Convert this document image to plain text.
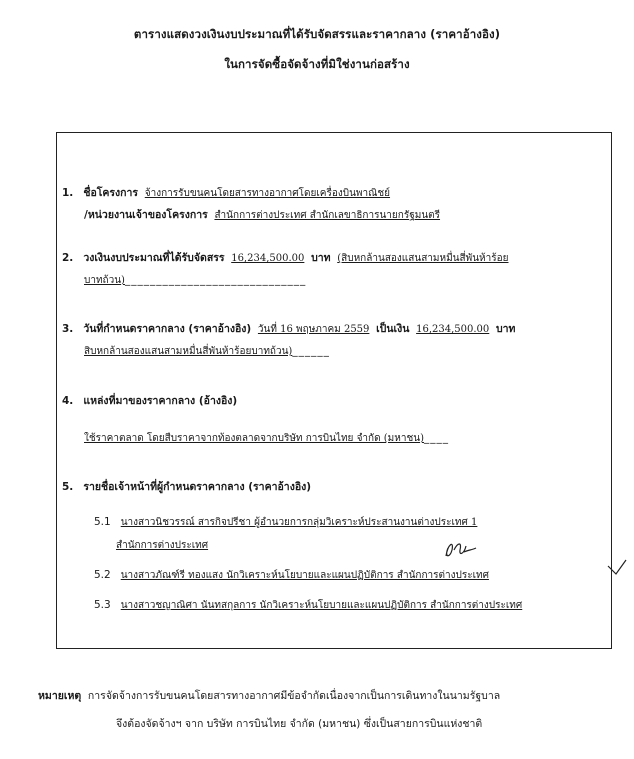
ตารางแสดงวงเงินงบประมาณที่ได้รับจัดสรรและราคากลาง (ราคาอ้างอิง)
ในการจัดซื้อจัดจ้างที่มิใช่งานก่อสร้าง
1. ชื่อโครงการ จ้างการรับขนคนโดยสารทางอากาศโดยเครื่องบินพาณิชย์
/หน่วยงานเจ้าของโครงการ สำนักการต่างประเทศ สำนักเลขาธิการนายกรัฐมนตรี
2. วงเงินงบประมาณที่ได้รับจัดสรร 16,234,500.00 บาท (สิบหกล้านสองแสนสามหมื่นสี่พันห้าร้อย
บาทถ้วน)_____________________________
3. วันที่กำหนดราคากลาง (ราคาอ้างอิง) วันที่ 16 พฤษภาคม 2559 เป็นเงิน 16,234,500.00 บาท
สิบหกล้านสองแสนสามหมื่นสี่พันห้าร้อยบาทถ้วน)______
4. แหล่งที่มาของราคากลาง (อ้างอิง)
ใช้ราคาตลาด โดยสืบราคาจากท้องตลาดจากบริษัท การบินไทย จำกัด (มหาชน)____
5. รายชื่อเจ้าหน้าที่ผู้กำหนดราคากลาง (ราคาอ้างอิง)
5.1 นางสาวนิชวรรณ์ สารกิจปรีชา ผู้อำนวยการกลุ่มวิเคราะห์ประสานงานต่างประเทศ 1
สำนักการต่างประเทศ
5.2 นางสาวภัณฑ์รี ทองแสง นักวิเคราะห์นโยบายและแผนปฏิบัติการ สำนักการต่างประเทศ
5.3 นางสาวชญาณิศา นันทสกุลการ นักวิเคราะห์นโยบายและแผนปฏิบัติการ สำนักการต่างประเทศ
หมายเหตุ การจัดจ้างการรับขนคนโดยสารทางอากาศมีข้อจำกัดเนื่องจากเป็นการเดินทางในนามรัฐบาล
จึงต้องจัดจ้างฯ จาก บริษัท การบินไทย จำกัด (มหาชน) ซึ่งเป็นสายการบินแห่งชาติ
